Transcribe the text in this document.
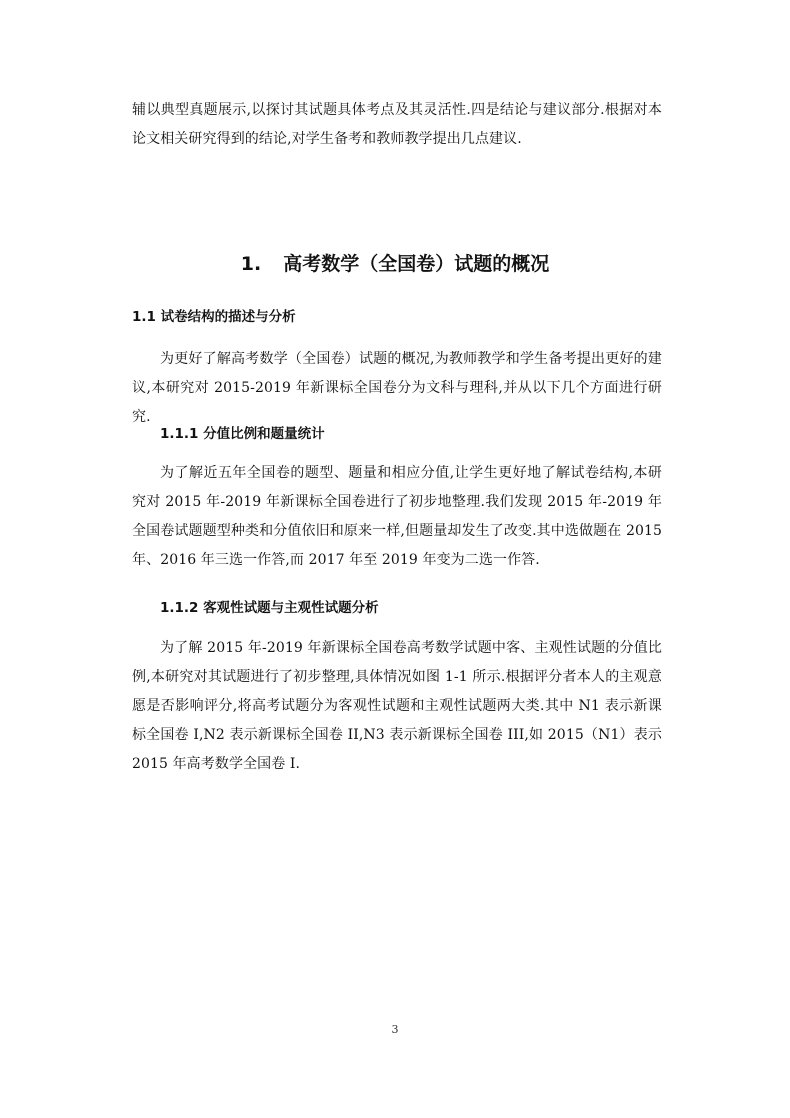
辅以典型真题展示,以探讨其试题具体考点及其灵活性.四是结论与建议部分.根据对本论文相关研究得到的结论,对学生备考和教师教学提出几点建议.

1. 高考数学（全国卷）试题的概况
1.1 试卷结构的描述与分析

为更好了解高考数学（全国卷）试题的概况,为教师教学和学生备考提出更好的建议,本研究对 2015-2019 年新课标全国卷分为文科与理科,并从以下几个方面进行研究.

1.1.1 分值比例和题量统计

为了解近五年全国卷的题型、题量和相应分值,让学生更好地了解试卷结构,本研究对 2015 年-2019 年新课标全国卷进行了初步地整理.我们发现 2015 年-2019 年全国卷试题题型种类和分值依旧和原来一样,但题量却发生了改变.其中选做题在 2015 年、2016 年三选一作答,而 2017 年至 2019 年变为二选一作答.

1.1.2 客观性试题与主观性试题分析

为了解 2015 年-2019 年新课标全国卷高考数学试题中客、主观性试题的分值比例,本研究对其试题进行了初步整理,具体情况如图 1-1 所示.根据评分者本人的主观意愿是否影响评分,将高考试题分为客观性试题和主观性试题两大类.其中 N1 表示新课标全国卷 I,N2 表示新课标全国卷 II,N3 表示新课标全国卷 III,如 2015（N1）表示 2015 年高考数学全国卷 I.

3
